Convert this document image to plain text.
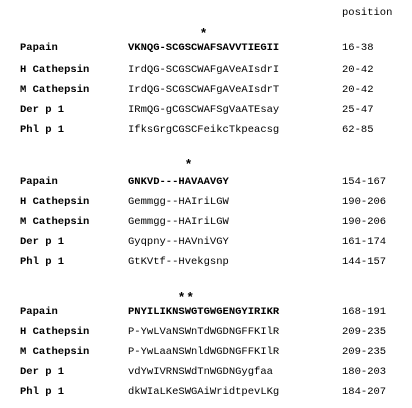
position
*
Papain	VKNQG-SCGSCWAFSAVVTIEGII	16-38
H Cathepsin	IrdQG-SCGSCWAFgAVeAIsdrI	20-42
M Cathepsin	IrdQG-SCGSCWAFgAVeAIsdrT	20-42
Der p 1	IRmQG-gCGSCWAFSgVaATEsay	25-47
Phl p 1	IfksGrgCGSCFeikcTkpeacsg	62-85
*
Papain	GNKVD---HAVAAVGY	154-167
H Cathepsin	Gemmgg--HAIriLGW	190-206
M Cathepsin	Gemmgg--HAIriLGW	190-206
Der p 1	Gyqpny--HAVniVGY	161-174
Phl p 1	GtKVtf--Hvekgsnp	144-157
* *
Papain	PNYILIKNSWGTGWGENGYIRIKR	168-191
H Cathepsin	P-YwLVaNSWnTdWGDNGFFKIlR	209-235
M Cathepsin	P-YwLaaNSWnldWGDNGFFKIlR	209-235
Der p 1	vdYwIVRNSWdTnWGDNGygfaa	180-203
Phl p 1	dkWIaLKeSWGAiWridtpevLKg	184-207
